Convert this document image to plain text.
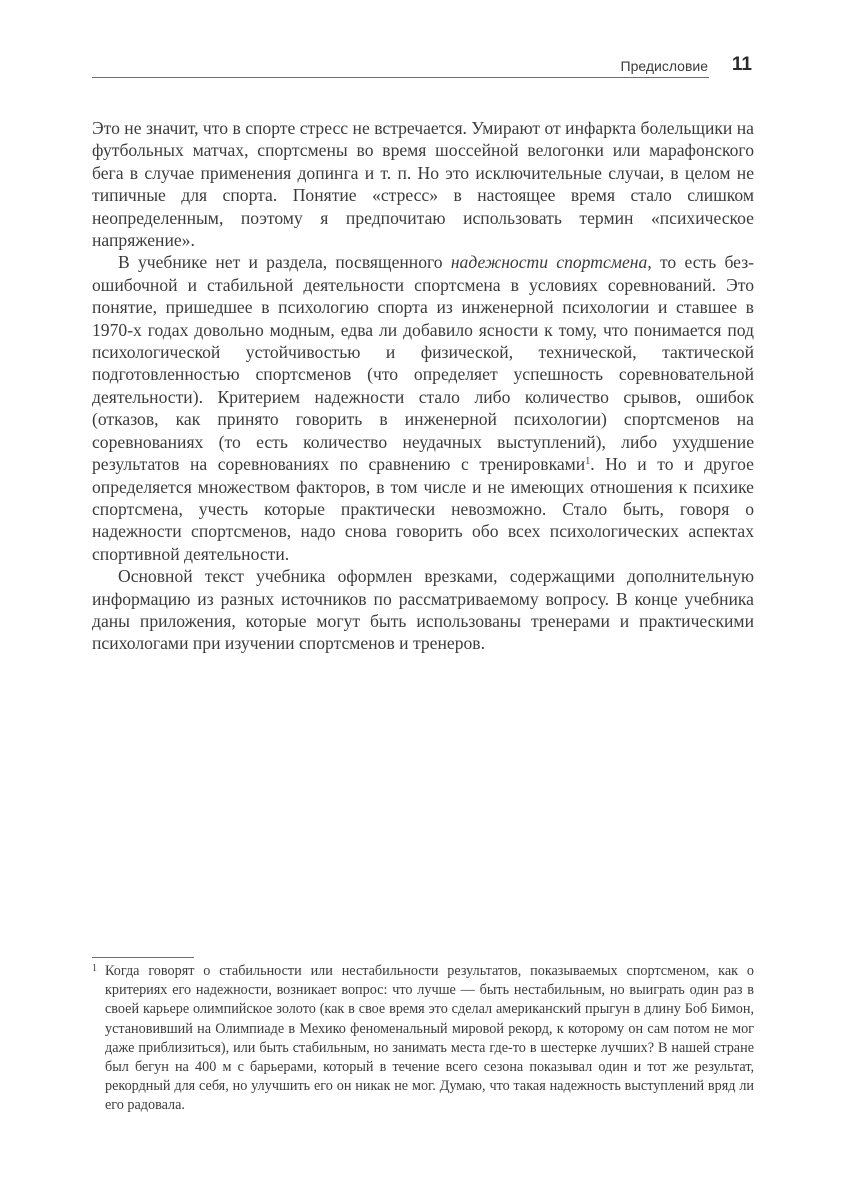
Предисловие 11

Это не значит, что в спорте стресс не встречается. Умирают от инфаркта болельщики на футбольных матчах, спортсмены во время шоссейной велогонки или марафонского бега в случае применения допинга и т. п. Но это исключительные случаи, в целом не типичные для спорта. Понятие «стресс» в настоящее время стало слишком неопределенным, поэтому я предпочитаю использовать термин «психическое напряжение».

В учебнике нет и раздела, посвященного надежности спортсмена, то есть безошибочной и стабильной деятельности спортсмена в условиях соревнований. Это понятие, пришедшее в психологию спорта из инженерной психологии и ставшее в 1970-х годах довольно модным, едва ли добавило ясности к тому, что понимается под психологической устойчивостью и физической, технической, тактической подготовленностью спортсменов (что определяет успешность соревновательной деятельности). Критерием надежности стало либо количество срывов, ошибок (отказов, как принято говорить в инженерной психологии) спортсменов на соревнованиях (то есть количество неудачных выступлений), либо ухудшение результатов на соревнованиях по сравнению с тренировками$^1$. Но и то и другое определяется множеством факторов, в том числе и не имеющих отношения к психике спортсмена, учесть которые практически невозможно. Стало быть, говоря о надежности спортсменов, надо снова говорить обо всех психологических аспектах спортивной деятельности.

Основной текст учебника оформлен врезками, содержащими дополнительную информацию из разных источников по рассматриваемому вопросу. В конце учебника даны приложения, которые могут быть использованы тренерами и практическими психологами при изучении спортсменов и тренеров.

1 Когда говорят о стабильности или нестабильности результатов, показываемых спортсменом, как о критериях его надежности, возникает вопрос: что лучше — быть нестабильным, но выиграть один раз в своей карьере олимпийское золото (как в свое время это сделал американский прыгун в длину Боб Бимон, установивший на Олимпиаде в Мехико феноменальный мировой рекорд, к которому он сам потом не мог даже приблизиться), или быть стабильным, но занимать места где-то в шестерке лучших? В нашей стране был бегун на 400 м с барьерами, который в течение всего сезона показывал один и тот же результат, рекордный для себя, но улучшить его он никак не мог. Думаю, что такая надежность выступлений вряд ли его радовала.
